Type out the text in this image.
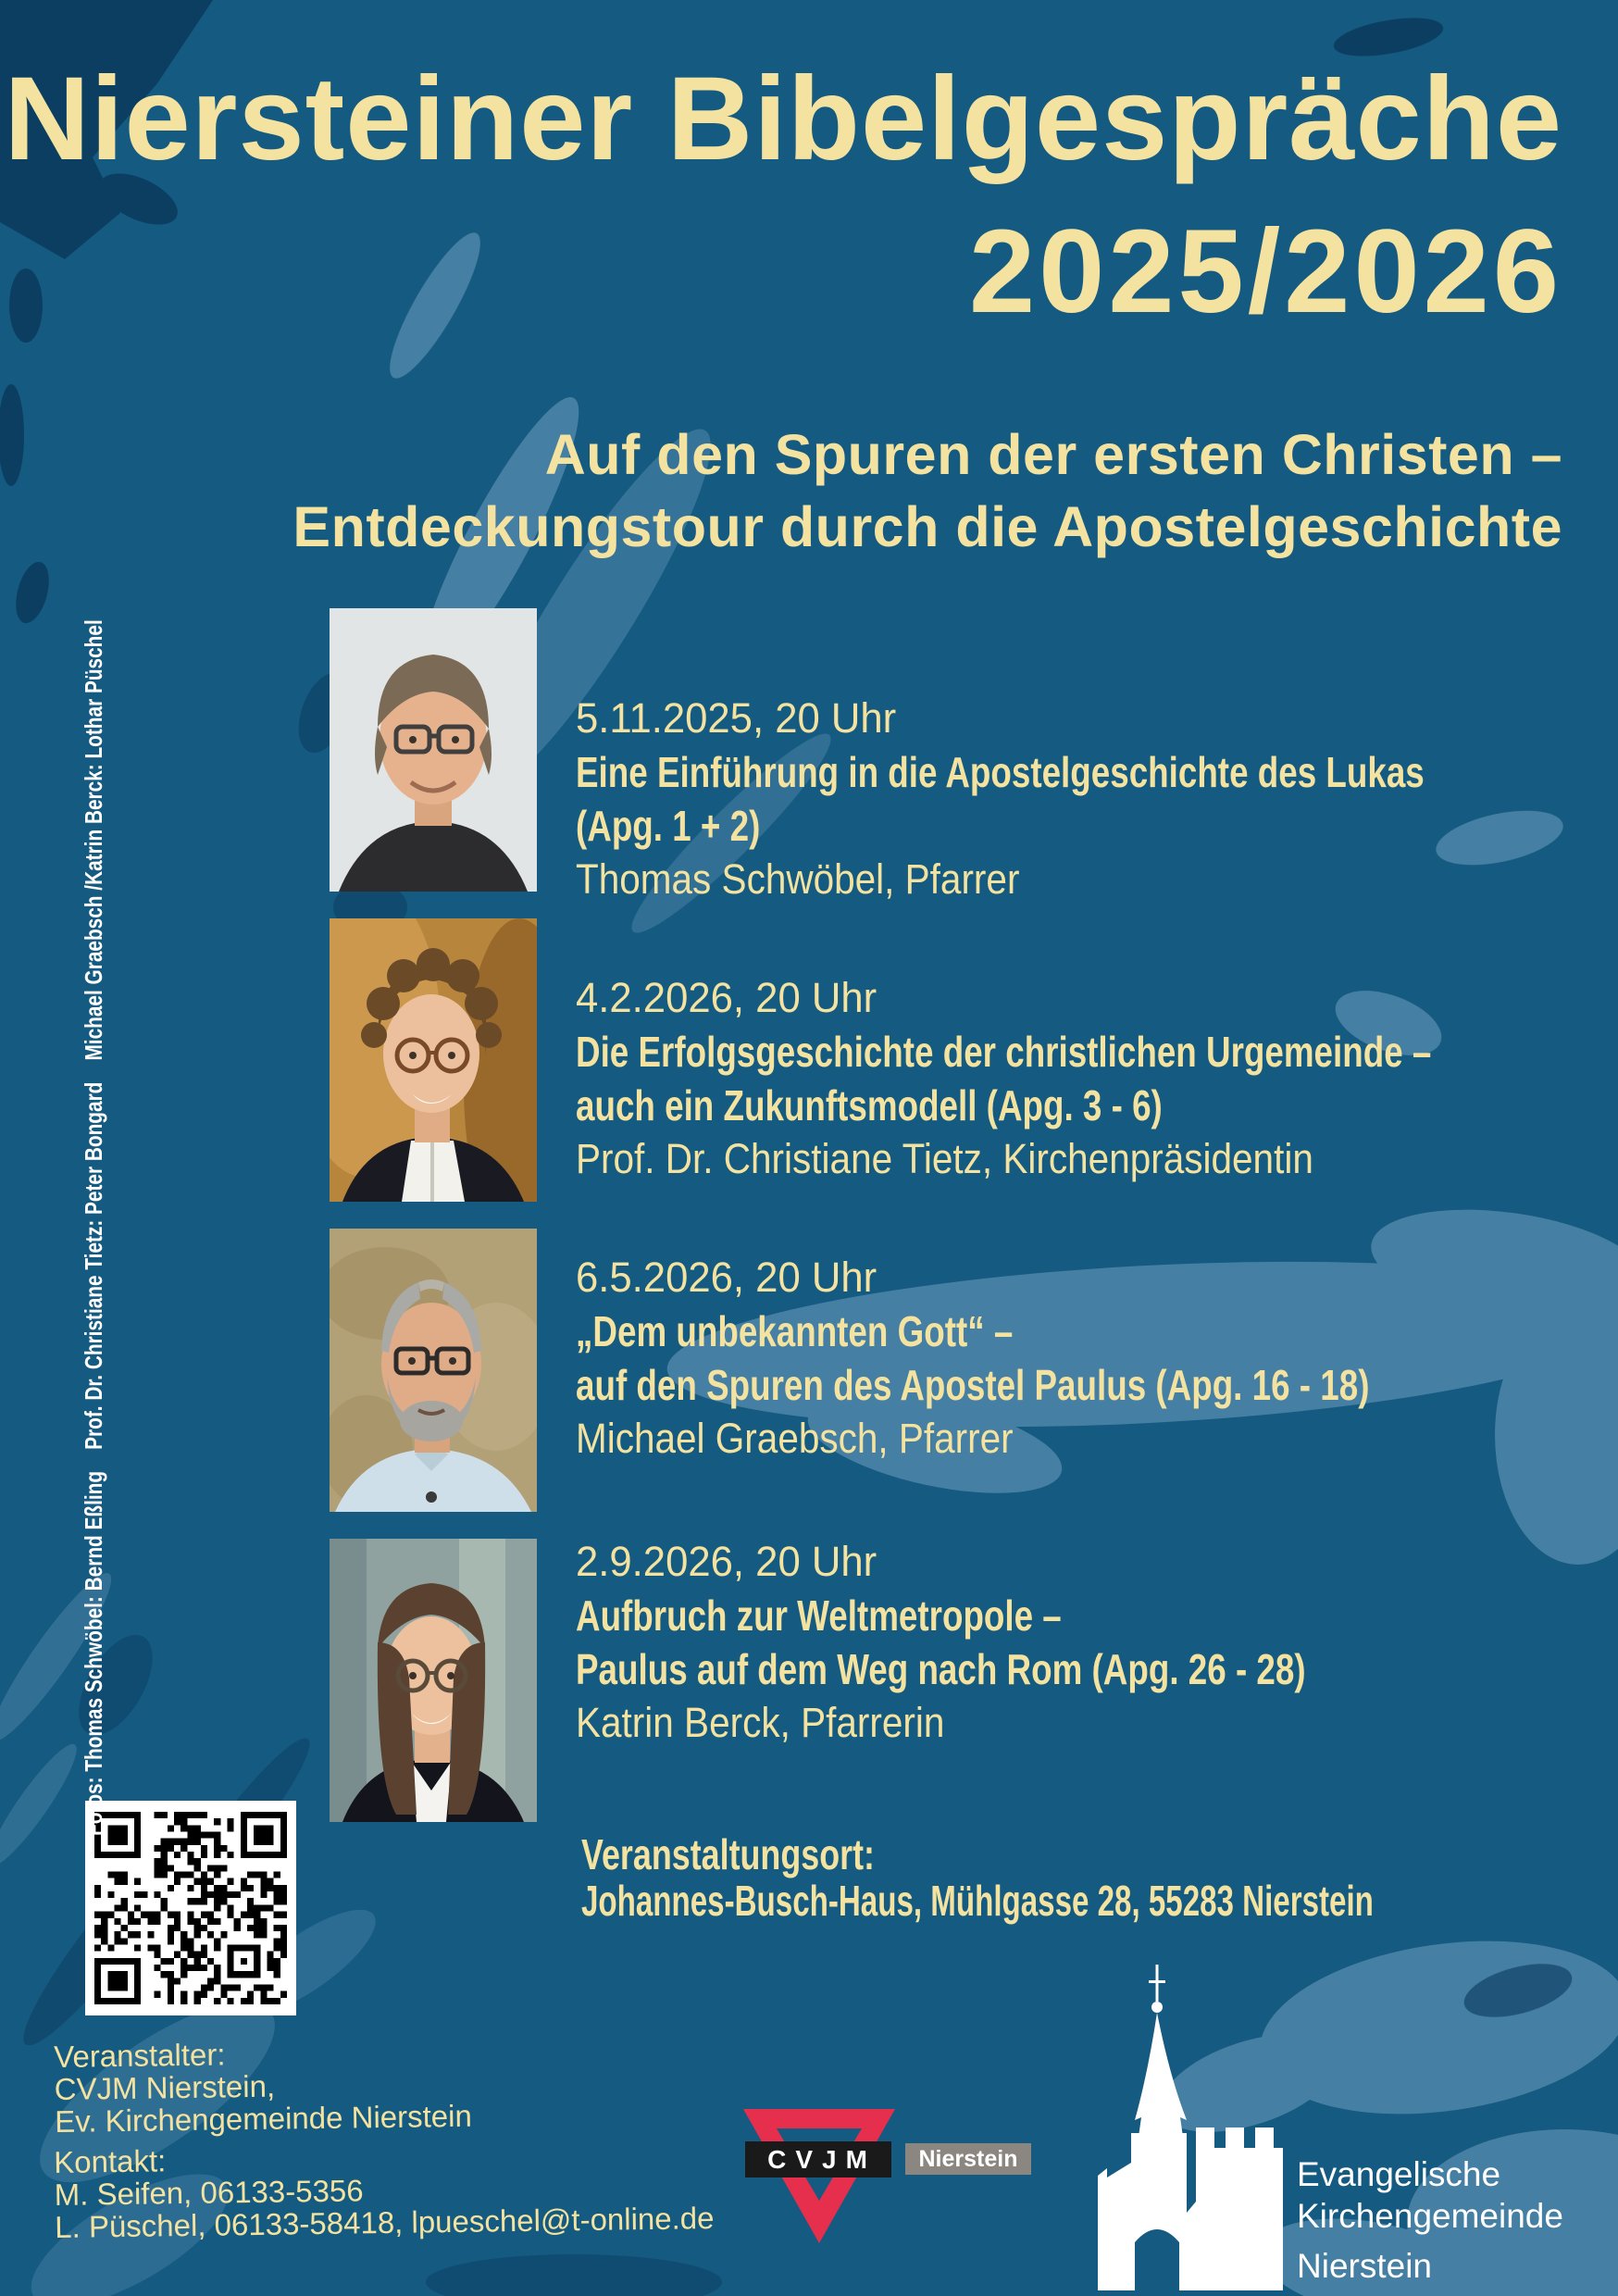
Niersteiner Bibelgespräche
2025/2026
Auf den Spuren der ersten Christen –
Entdeckungstour durch die Apostelgeschichte
5.11.2025, 20 Uhr
Eine Einführung in die Apostelgeschichte des Lukas
(Apg. 1 + 2)
Thomas Schwöbel, Pfarrer
4.2.2026, 20 Uhr
Die Erfolgsgeschichte der christlichen Urgemeinde –
auch ein Zukunftsmodell (Apg. 3 - 6)
Prof. Dr. Christiane Tietz, Kirchenpräsidentin
6.5.2026, 20 Uhr
„Dem unbekannten Gott“ –
auf den Spuren des Apostel Paulus (Apg. 16 - 18)
Michael Graebsch, Pfarrer
2.9.2026, 20 Uhr
Aufbruch zur Weltmetropole –
Paulus auf dem Weg nach Rom (Apg. 26 - 28)
Katrin Berck, Pfarrerin
Veranstaltungsort:
Johannes-Busch-Haus, Mühlgasse 28, 55283 Nierstein

Fotos: Thomas Schwöbel: Bernd Eßling    Prof. Dr. Christiane Tietz: Peter Bongard    Michael Graebsch /Katrin Berck: Lothar Püschel

Veranstalter:
CVJM Nierstein,
Ev. Kirchengemeinde Nierstein
Kontakt:
M. Seifen, 06133-5356
L. Püschel, 06133-58418, lpueschel@t-online.de
CVJM	Nierstein	Evangelische
Kirchengemeinde
Nierstein
